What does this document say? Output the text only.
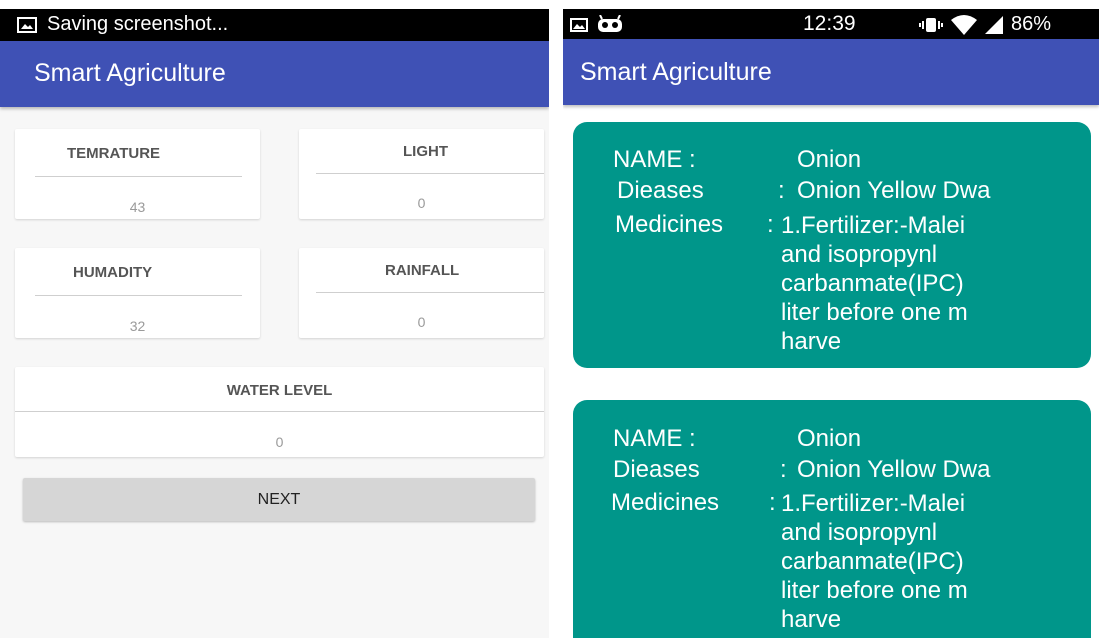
Saving screenshot...
Smart Agriculture
TEMRATURE
43
LIGHT
0
HUMADITY
32
RAINFALL
0
WATER LEVEL
0
NEXT
12:39	86%
Smart Agriculture
NAME :	Onion
Dieases	: Onion Yellow Dwa
Medicines : 1.Fertilizer:-Malei
and isopropynl
carbanmate(IPC)
liter before one m
harve
NAME :	Onion
Dieases	: Onion Yellow Dwa
Medicines : 1.Fertilizer:-Malei
and isopropynl
carbanmate(IPC)
liter before one m
harve
